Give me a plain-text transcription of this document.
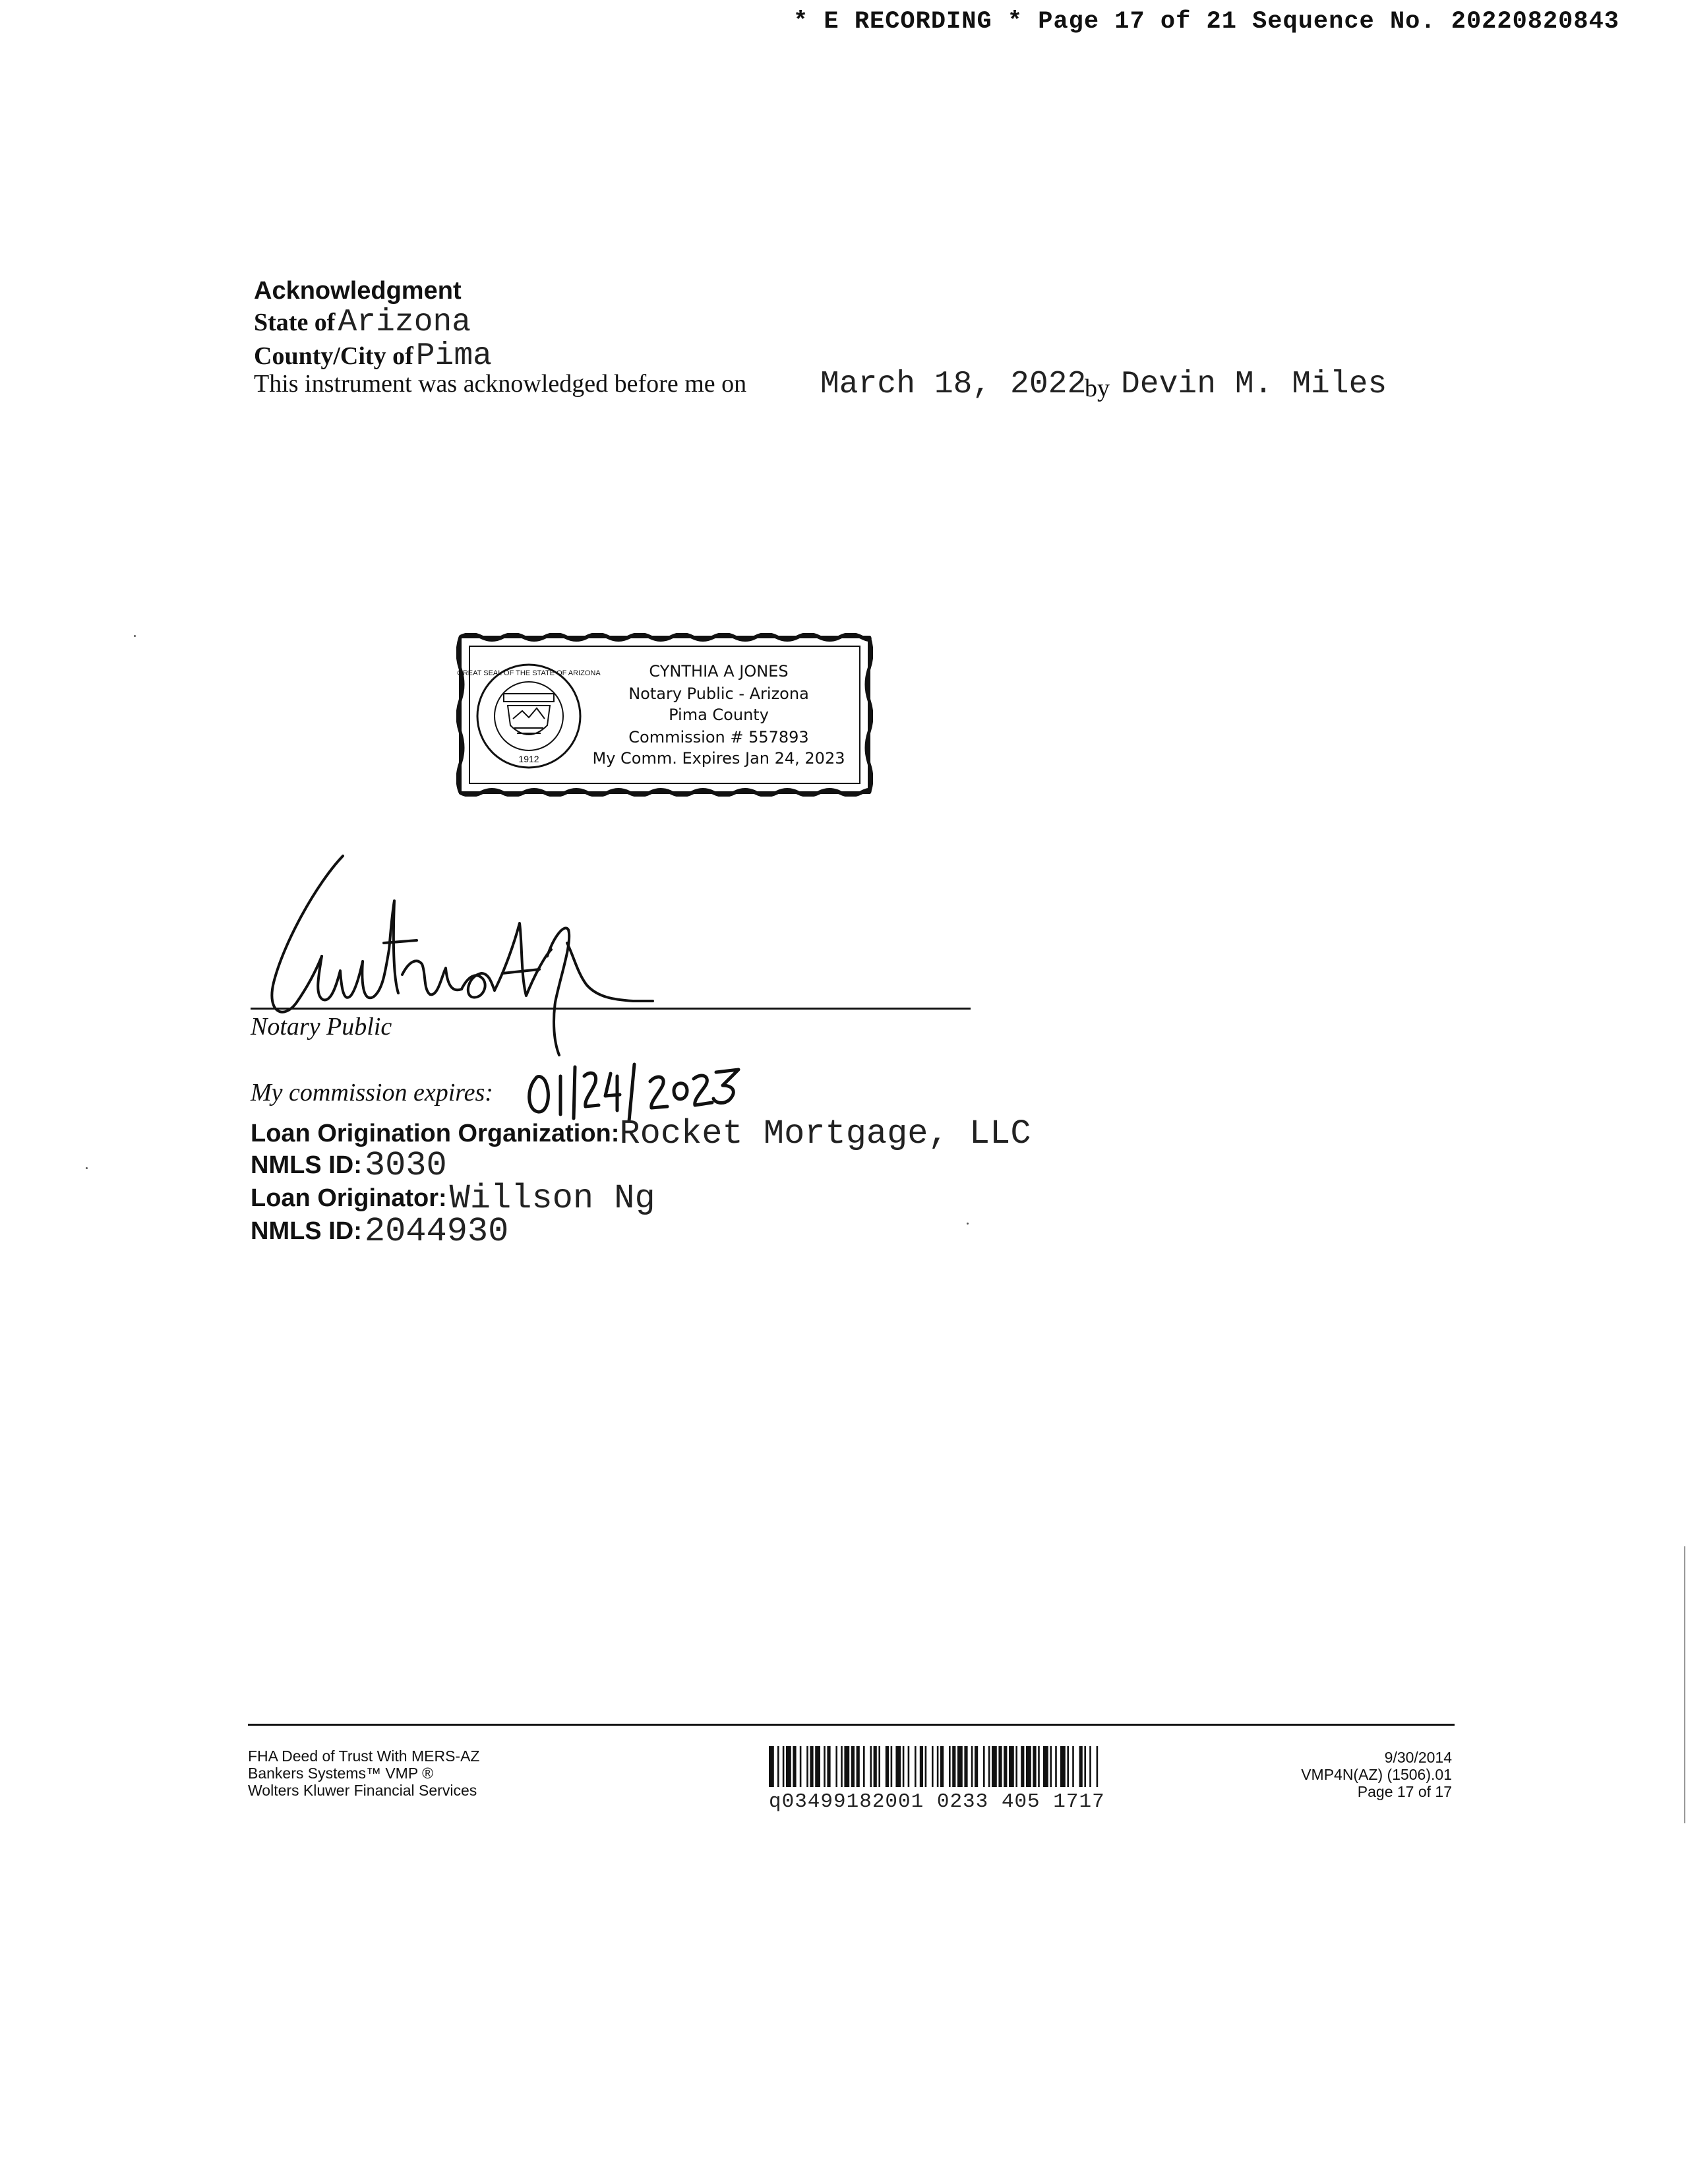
* E RECORDING * Page 17 of 21 Sequence No. 20220820843
Acknowledgment
State of Arizona
County/City of Pima
This instrument was acknowledged before me on March 18, 2022
by Devin M. Miles
GREAT SEAL OF THE STATE OF ARIZONA
1912
CYNTHIA A JONES
Notary Public - Arizona
Pima County
Commission # 557893
My Comm. Expires Jan 24, 2023
Notary Public
My commission expires:
Loan Origination Organization:Rocket Mortgage, LLC
NMLS ID: 3030
Loan Originator: Willson Ng
NMLS ID: 2044930
FHA Deed of Trust With MERS-AZ
Bankers Systems™ VMP ®
Wolters Kluwer Financial Services	q03499182001 0233 405 1717
9/30/2014
VMP4N(AZ) (1506).01
Page 17 of 17
